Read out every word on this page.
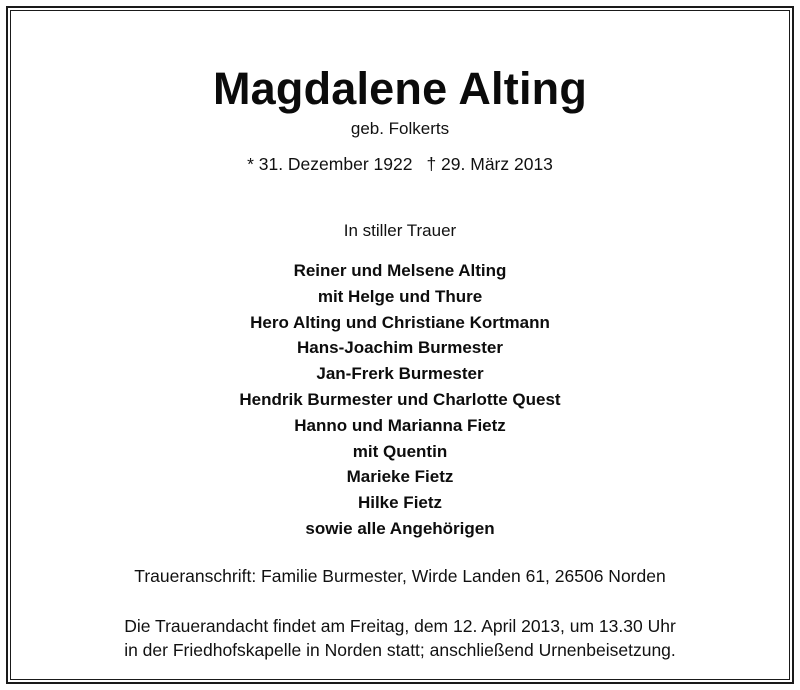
Magdalene Alting
geb. Folkerts
* 31. Dezember 1922 † 29. März 2013
In stiller Trauer
Reiner und Melsene Alting
mit Helge und Thure
Hero Alting und Christiane Kortmann
Hans-Joachim Burmester
Jan-Frerk Burmester
Hendrik Burmester und Charlotte Quest
Hanno und Marianna Fietz
mit Quentin
Marieke Fietz
Hilke Fietz
sowie alle Angehörigen
Traueranschrift: Familie Burmester, Wirde Landen 61, 26506 Norden
Die Trauerandacht findet am Freitag, dem 12. April 2013, um 13.30 Uhr
in der Friedhofskapelle in Norden statt; anschließend Urnenbeisetzung.
